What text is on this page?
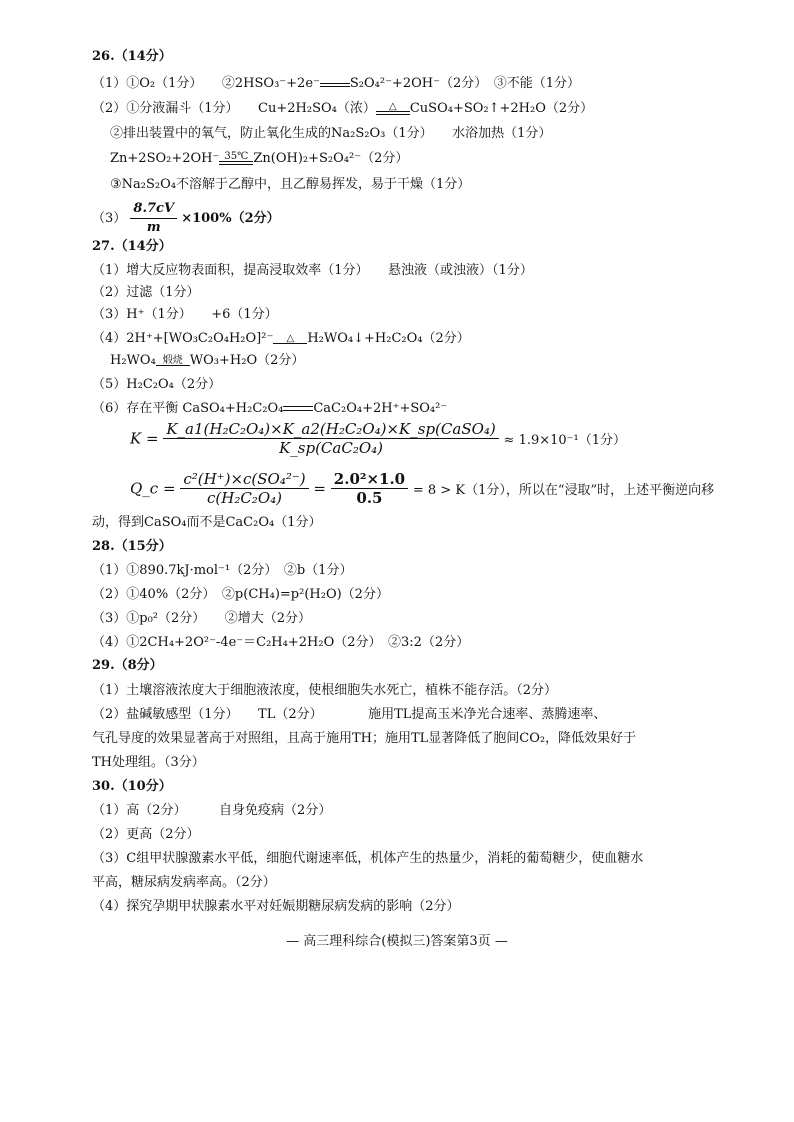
26.（14分）
（1）①O₂（1分）　　②2HSO₃⁻+2e⁻ S₂O₄²⁻+2OH⁻（2分）　③不能（1分）
（2）①分液漏斗（1分）　　Cu+2H₂SO₄（浓）	△	CuSO₄+SO₂↑+2H₂O（2分）
②排出装置中的氧气，防止氧化生成的Na₂S₂O₃（1分）　　水浴加热（1分）
Zn+2SO₂+2OH⁻ 35℃ Zn(OH)₂+S₂O₄²⁻（2分）
③Na₂S₂O₄不溶解于乙醇中，且乙醇易挥发，易于干燥（1分）
$(3) \frac{8.7cV}{m} \times 100\%(2$分）
27.（14分）
（1）增大反应物表面积，提高浸取效率（1分）　　悬浊液（或浊液）（1分）
（2）过滤（1分）
（3）H⁺（1分）　　+6（1分）
（4）2H⁺+[WO₃C₂O₄H₂O]²⁻	△	H₂WO₄↓+H₂C₂O₄（2分）
H₂WO₄ 煅烧 WO₃+H₂O（2分）
（5）H₂C₂O₄（2分）
（6）存在平衡 CaSO₄+H₂C₂O₄ CaC₂O₄+2H⁺+SO₄²⁻
$K = \frac{\text{K\_a1(H₂C₂O₄)×K\_a2(H₂C₂O₄)×K\_sp(CaSO₄)}}{\text{K\_sp(CaC₂O₄)}} \approx 1.9\times 10^{-1}(1$分）
Q_c = $\frac{\text{c²(H⁺)×c(SO₄²⁻)}}{\text{c(H₂C₂O₄)}} = \frac{\text{2.0²×1.0}}{0.5} = 8 > K(1$分），所以在“浸取”时，上述平衡逆向移
动，得到CaSO₄而不是CaC₂O₄（1分）
28.（15分）
（1）①890.7kJ·mol⁻¹（2分）　②b（1分）
（2）①40%（2分）　②p(CH₄)=p²(H₂O)（2分）
（3）①p₀²（2分）　　②增大（2分）
（4）①2CH₄+2O²⁻-4e⁻＝C₂H₄+2H₂O（2分）　②3:2（2分）
29.（8分）
（1）土壤溶液浓度大于细胞液浓度，使根细胞失水死亡，植株不能存活。（2分）
（2）盐碱敏感型（1分）　　TL（2分）　　　　施用TL提高玉米净光合速率、蒸腾速率、
气孔导度的效果显著高于对照组，且高于施用TH；施用TL显著降低了胞间CO₂，降低效果好于
TH处理组。（3分）
30.（10分）
（1）高（2分）　　　自身免疫病（2分）
（2）更高（2分）
（3）C组甲状腺激素水平低，细胞代谢速率低，机体产生的热量少，消耗的葡萄糖少，使血糖水
平高，糖尿病发病率高。（2分）
（4）探究孕期甲状腺素水平对妊娠期糖尿病发病的影响（2分）
— 高三理科综合(模拟三)答案第3页 —
